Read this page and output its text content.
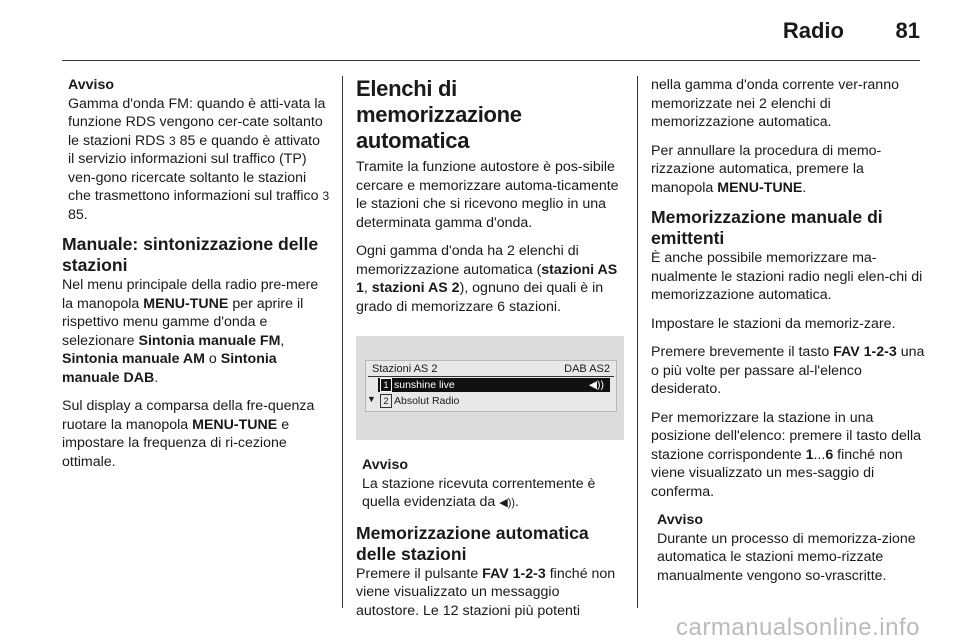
Radio 81
Avviso
Gamma d'onda FM: quando è atti-vata la funzione RDS vengono cer-cate soltanto le stazioni RDS 3 85 e quando è attivato il servizio informazioni sul traffico (TP) ven-gono ricercate soltanto le stazioni che trasmettono informazioni sul traffico 3 85.
Manuale: sintonizzazione delle stazioni

Nel menu principale della radio pre-mere la manopola MENU-TUNE per aprire il rispettivo menu gamme d'onda e selezionare Sintonia manuale FM, Sintonia manuale AM o Sintonia manuale DAB.

Sul display a comparsa della fre-quenza ruotare la manopola MENU-TUNE e impostare la frequenza di ri-cezione ottimale.

Elenchi di memorizzazione automatica

Tramite la funzione autostore è pos-sibile cercare e memorizzare automa-ticamente le stazioni che si ricevono meglio in una determinata gamma d'onda.

Ogni gamma d'onda ha 2 elenchi di memorizzazione automatica (stazioni AS 1, stazioni AS 2), ognuno dei quali è in grado di memorizzare 6 stazioni.

Stazioni AS 2	DAB AS2
1 sunshine live	◀))
▼ 2 Absolut Radio
Avviso
La stazione ricevuta correntemente è quella evidenziata da ◀)).
Memorizzazione automatica delle stazioni

Premere il pulsante FAV 1-2-3 finché non viene visualizzato un messaggio autostore. Le 12 stazioni più potenti

nella gamma d'onda corrente ver-ranno memorizzate nei 2 elenchi di memorizzazione automatica.

Per annullare la procedura di memo-rizzazione automatica, premere la manopola MENU-TUNE.

Memorizzazione manuale di emittenti

È anche possibile memorizzare ma-nualmente le stazioni radio negli elen-chi di memorizzazione automatica.

Impostare le stazioni da memoriz-zare.

Premere brevemente il tasto FAV 1-2-3 una o più volte per passare al-l'elenco desiderato.

Per memorizzare la stazione in una posizione dell'elenco: premere il tasto della stazione corrispondente 1...6 finché non viene visualizzato un mes-saggio di conferma.

Avviso
Durante un processo di memorizza-zione automatica le stazioni memo-rizzate manualmente vengono so-vrascritte.
carmanualsonline.info
